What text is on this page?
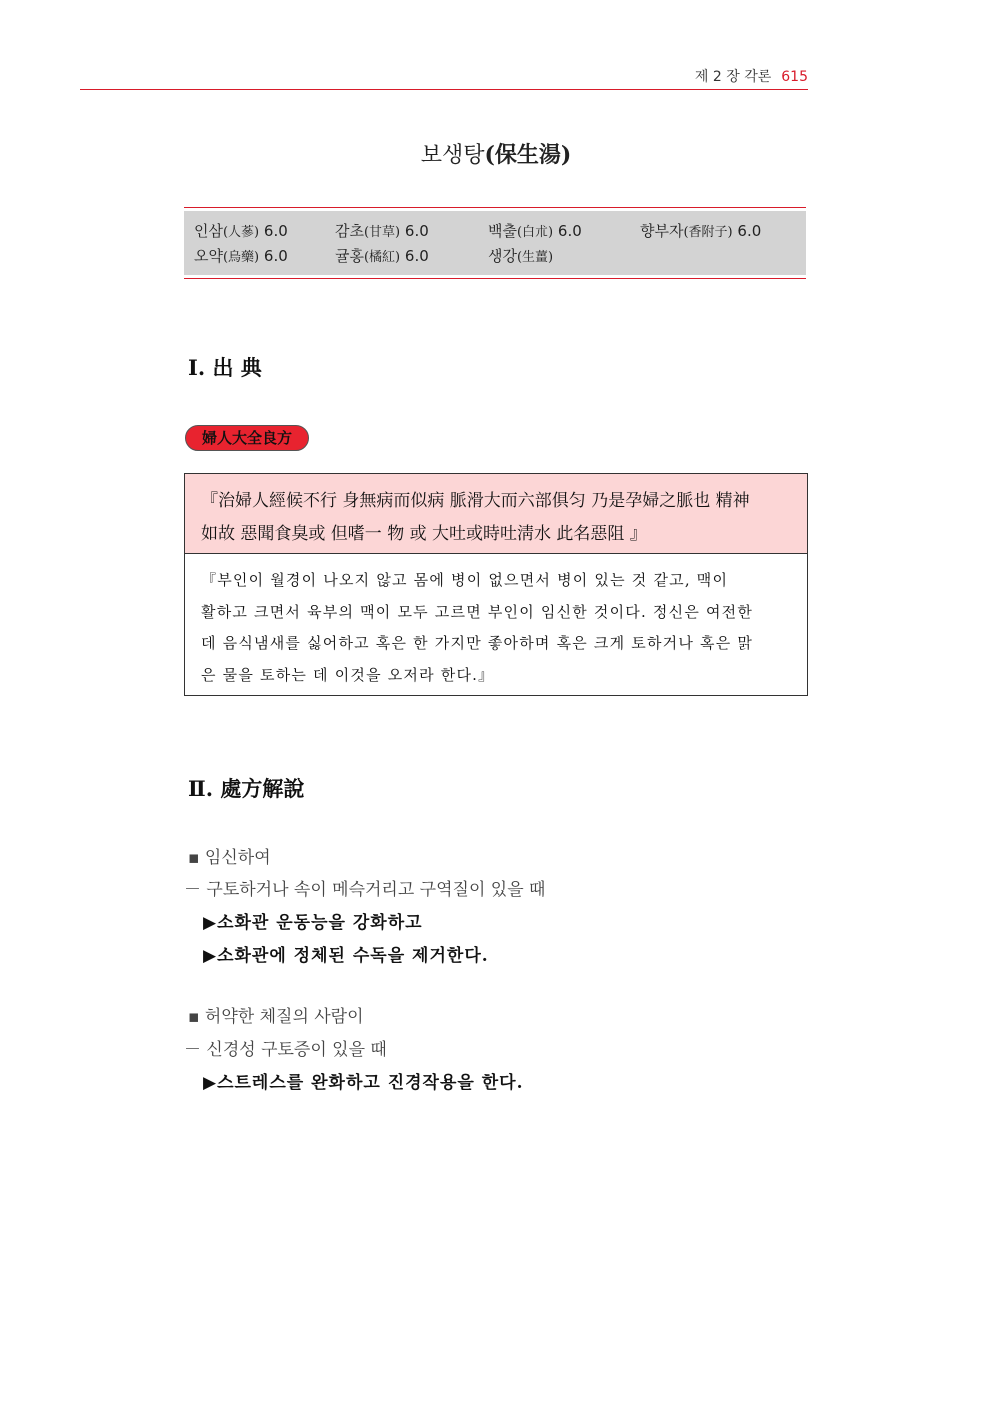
제 2 장 각론 615
보생탕(保生湯)
인삼(人蔘) 6.0	감초(甘草) 6.0	백출(白朮) 6.0	향부자(香附子) 6.0
오약(烏藥) 6.0	귤홍(橘紅) 6.0	생강(生薑)
Ⅰ. 出 典
婦人大全良方
『治婦人經候不行 身無病而似病 脈滑大而六部俱匀 乃是孕婦之脈也 精神
如故 惡聞食臭或 但嗜一 物 或 大吐或時吐淸水 此名惡阻 』
『부인이 월경이 나오지 않고 몸에 병이 없으면서 병이 있는 것 같고, 맥이
활하고 크면서 육부의 맥이 모두 고르면 부인이 임신한 것이다. 정신은 여전한
데 음식냄새를 싫어하고 혹은 한 가지만 좋아하며 혹은 크게 토하거나 혹은 맑
은 물을 토하는 데 이것을 오저라 한다.』
Ⅱ. 處方解說
▪ 임신하여
－ 구토하거나 속이 메슥거리고 구역질이 있을 때
▶소화관 운동능을 강화하고
▶소화관에 정체된 수독을 제거한다.
▪ 허약한 체질의 사람이
－ 신경성 구토증이 있을 때
▶스트레스를 완화하고 진경작용을 한다.
